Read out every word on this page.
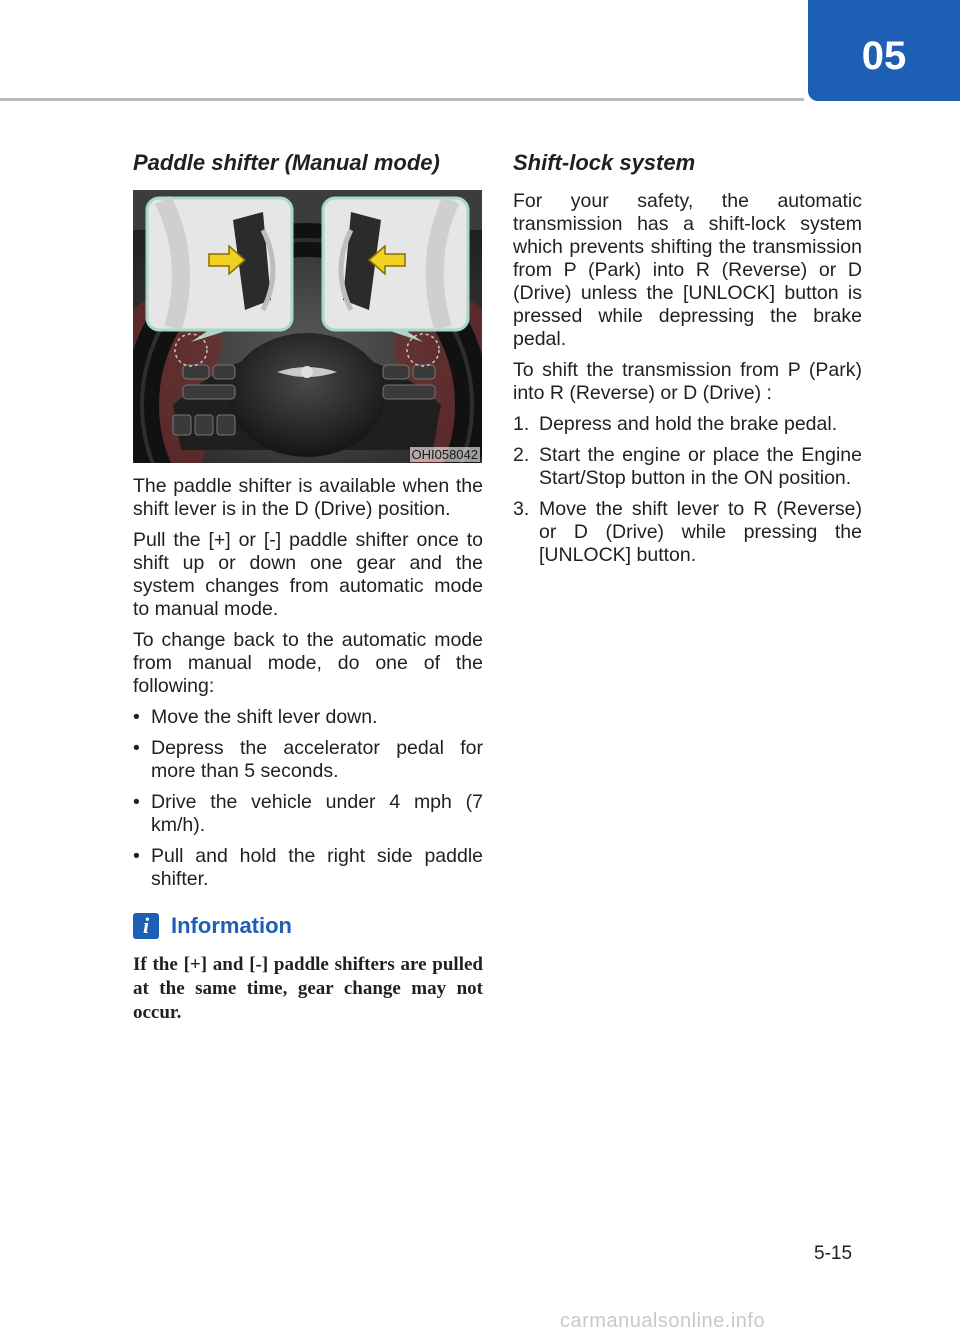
05
Paddle shifter (Manual mode)
OHI058042

The paddle shifter is available when the shift lever is in the D (Drive) position.

Pull the [+] or [-] paddle shifter once to shift up or down one gear and the system changes from automatic mode to manual mode.

To change back to the automatic mode from manual mode, do one of the following:

• Move the shift lever down.
• Depress the accelerator pedal for more than 5 seconds.
• Drive the vehicle under 4 mph (7 km/h).
• Pull and hold the right side paddle shifter.
i Information

If the [+] and [-] paddle shifters are pulled at the same time, gear change may not occur.

Shift-lock system

For your safety, the automatic transmission has a shift-lock system which prevents shifting the transmission from P (Park) into R (Reverse) or D (Drive) unless the [UNLOCK] button is pressed while depressing the brake pedal.

To shift the transmission from P (Park) into R (Reverse) or D (Drive) :

1. Depress and hold the brake pedal.
2. Start the engine or place the Engine Start/Stop button in the ON position.
3. Move the shift lever to R (Reverse) or D (Drive) while pressing the [UNLOCK] button.
5-15
carmanualsonline.info
